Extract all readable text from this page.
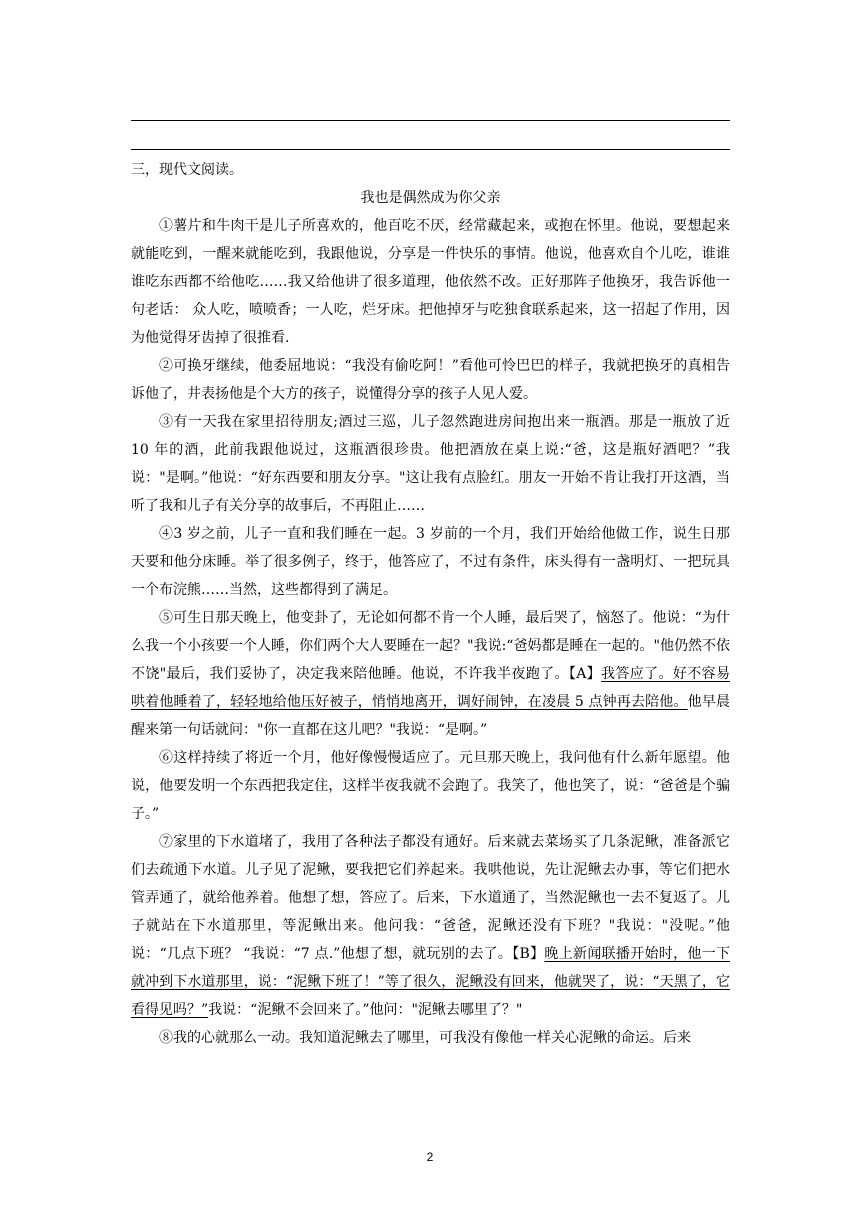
三，现代文阅读。

我也是偶然成为你父亲

①薯片和牛肉干是儿子所喜欢的，他百吃不厌，经常藏起来，或抱在怀里。他说，要想起来就能吃到，一醒来就能吃到，我跟他说，分享是一件快乐的事情。他说，他喜欢自个儿吃，谁谁谁吃东西都不给他吃……我又给他讲了很多道理，他依然不改。正好那阵子他换牙，我告诉他一句老话： 众人吃，喷喷香；一人吃，烂牙床。把他掉牙与吃独食联系起来，这一招起了作用，因为他觉得牙齿掉了很推看.

②可换牙继续，他委屈地说：“我没有偷吃阿！”看他可怜巴巴的样子，我就把换牙的真相告诉他了，井表扬他是个大方的孩子，说懂得分享的孩子人见人爱。

③有一天我在家里招待朋友;酒过三巡，儿子忽然跑进房间抱出来一瓶酒。那是一瓶放了近 10 年的酒，此前我跟他说过，这瓶酒很珍贵。他把酒放在桌上说:“爸，这是瓶好酒吧？”我说："是啊。”他说：“好东西要和朋友分享。"这让我有点脸红。朋友一开始不肯让我打开这酒，当听了我和儿子有关分享的故事后，不再阻止……

④3 岁之前，儿子一直和我们睡在一起。3 岁前的一个月，我们开始给他做工作，说生日那天要和他分床睡。举了很多例子，终于，他答应了，不过有条件，床头得有一盏明灯、一把玩具 一个布浣熊……当然，这些都得到了满足。

⑤可生日那天晚上，他变卦了，无论如何都不肯一个人睡，最后哭了，恼怒了。他说：“为什么我一个小孩要一个人睡，你们两个大人要睡在一起？"我说:“爸妈都是睡在一起的。"他仍然不依不饶"最后，我们妥协了，决定我来陪他睡。他说，不许我半夜跑了。【A】我答应了。好不容易 哄着他睡着了，轻轻地给他压好被子，悄悄地离开，调好闹钟，在凌晨 5 点钟再去陪他。他早晨醒来第一句话就问："你一直都在这儿吧？"我说：“是啊。”

⑥这样持续了将近一个月，他好像慢慢适应了。元旦那天晚上，我问他有什么新年愿望。他说，他要发明一个东西把我定住，这样半夜我就不会跑了。我笑了，他也笑了，说：“爸爸是个骗子。”

⑦家里的下水道堵了，我用了各种法子都没有通好。后来就去菜场买了几条泥鳅，准备派它们去疏通下水道。儿子见了泥鳅，要我把它们养起来。我哄他说，先让泥鳅去办事，等它们把水管弄通了，就给他养着。他想了想，答应了。后来，下水道通了，当然泥鳅也一去不复返了。儿子就站在下水道那里，等泥鳅出来。他问我：“爸爸，泥鳅还没有下班？"我说："没呢。”他说：“几点下班？ “我说：“7 点.”他想了想，就玩别的去了。【B】晚上新闻联播开始时，他一下就冲到下水道那里，说：“泥鳅下班了！”等了很久，泥鳅没有回来，他就哭了，说：“天黑了，它看得见吗？”我说：“泥鳅不会回来了。”他问："泥鳅去哪里了？"

⑧我的心就那么一动。我知道泥鳅去了哪里，可我没有像他一样关心泥鳅的命运。后来

2
